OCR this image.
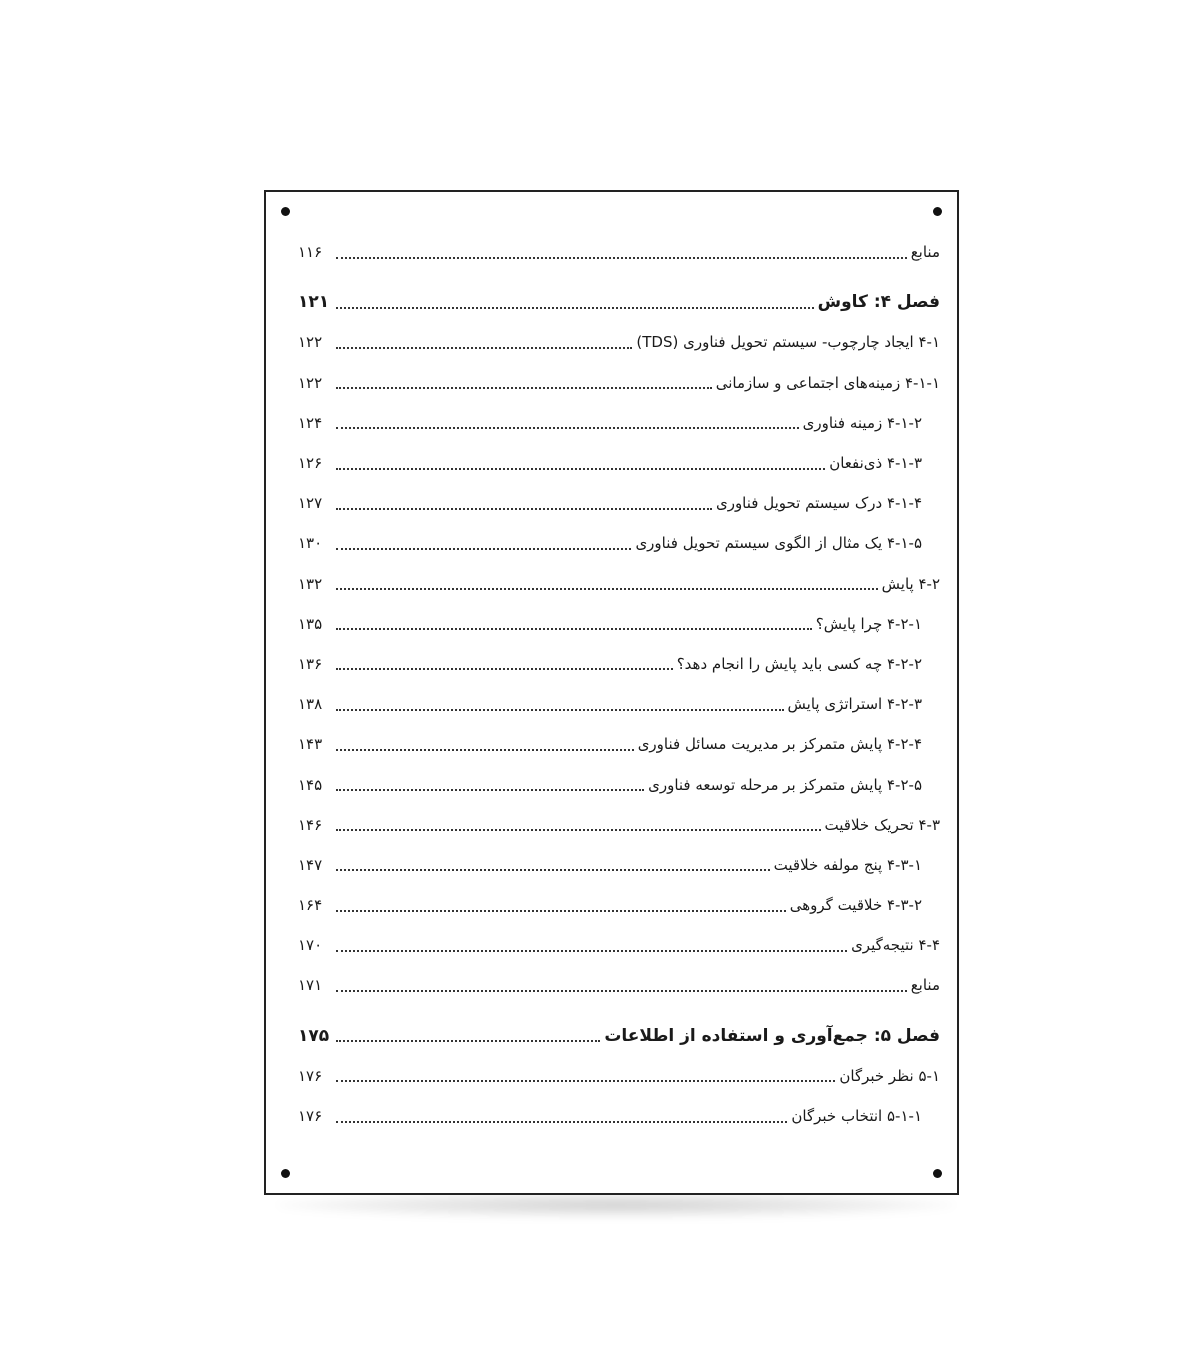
۱۱۶	منابع
۱۲۱	فصل ۴: کاوش
۱۲۲	۴-۱ ایجاد چارچوب- سیستم تحویل فناوری (TDS)
۱۲۲	۴-۱-۱ زمینه‌های اجتماعی و سازمانی
۱۲۴	۴-۱-۲ زمینه فناوری
۱۲۶	۴-۱-۳ ذی‌نفعان
۱۲۷	۴-۱-۴ درک سیستم تحویل فناوری
۱۳۰	۴-۱-۵ یک مثال از الگوی سیستم تحویل فناوری
۱۳۲	۴-۲ پایش
۱۳۵	۴-۲-۱ چرا پایش؟
۱۳۶	۴-۲-۲ چه کسی باید پایش را انجام دهد؟
۱۳۸	۴-۲-۳ استراتژی پایش
۱۴۳	۴-۲-۴ پایش متمرکز بر مدیریت مسائل فناوری
۱۴۵	۴-۲-۵ پایش متمرکز بر مرحله توسعه فناوری
۱۴۶	۴-۳ تحریک خلاقیت
۱۴۷	۴-۳-۱ پنج مولفه خلاقیت
۱۶۴	۴-۳-۲ خلاقیت گروهی
۱۷۰	۴-۴ نتیجه‌گیری
۱۷۱	منابع
۱۷۵	فصل ۵: جمع‌آوری و استفاده از اطلاعات
۱۷۶	۵-۱ نظر خبرگان
۱۷۶	۵-۱-۱ انتخاب خبرگان
